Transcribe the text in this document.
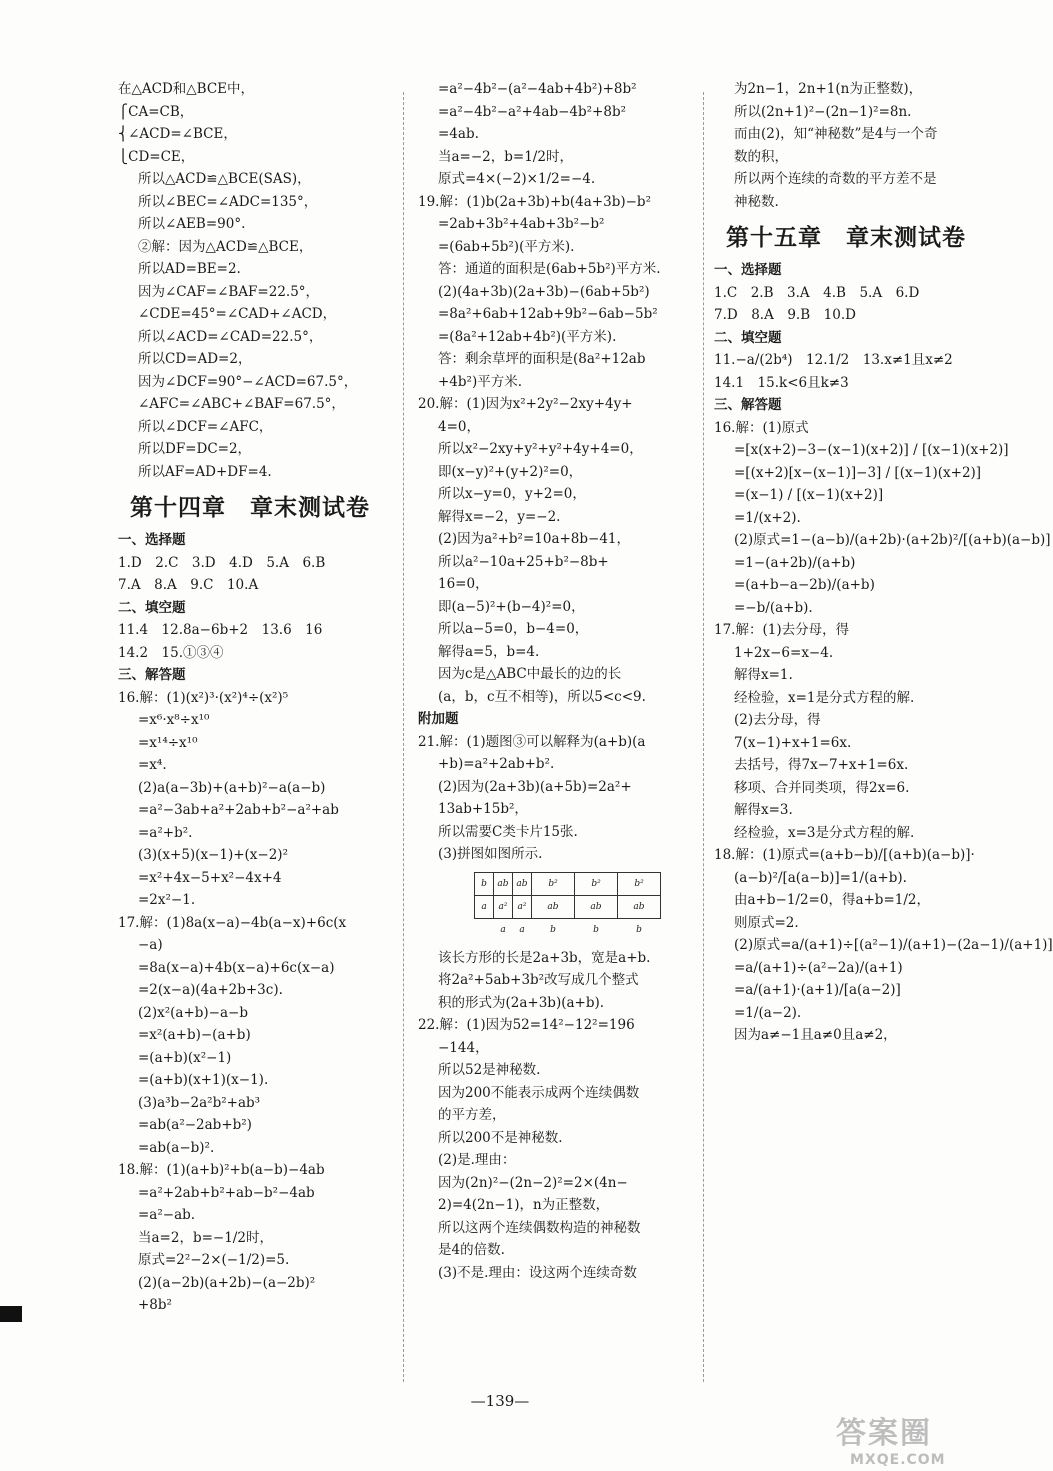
在△ACD和△BCE中，
⎧CA=CB，
⎨∠ACD=∠BCE，
⎩CD=CE，
所以△ACD≌△BCE(SAS)，
所以∠BEC=∠ADC=135°，
所以∠AEB=90°.
②解：因为△ACD≌△BCE，
所以AD=BE=2.
因为∠CAF=∠BAF=22.5°，
∠CDE=45°=∠CAD+∠ACD，
所以∠ACD=∠CAD=22.5°，
所以CD=AD=2，
因为∠DCF=90°−∠ACD=67.5°，
∠AFC=∠ABC+∠BAF=67.5°，
所以∠DCF=∠AFC，
所以DF=DC=2，
所以AF=AD+DF=4.
第十四章　章末测试卷
一、选择题
1.D　2.C　3.D　4.D　5.A　6.B
7.A　8.A　9.C　10.A
二、填空题
11.4　12.8a−6b+2　13.6　16
14.2　15.①③④
三、解答题
16.解：(1)(x²)³·(x²)⁴÷(x²)⁵
=x⁶·x⁸÷x¹⁰
=x¹⁴÷x¹⁰
=x⁴.
(2)a(a−3b)+(a+b)²−a(a−b)
=a²−3ab+a²+2ab+b²−a²+ab
=a²+b².
(3)(x+5)(x−1)+(x−2)²
=x²+4x−5+x²−4x+4
=2x²−1.
17.解：(1)8a(x−a)−4b(a−x)+6c(x
−a)
=8a(x−a)+4b(x−a)+6c(x−a)
=2(x−a)(4a+2b+3c).
(2)x²(a+b)−a−b
=x²(a+b)−(a+b)
=(a+b)(x²−1)
=(a+b)(x+1)(x−1).
(3)a³b−2a²b²+ab³
=ab(a²−2ab+b²)
=ab(a−b)².
18.解：(1)(a+b)²+b(a−b)−4ab
=a²+2ab+b²+ab−b²−4ab
=a²−ab.
当a=2，b=−1/2时，
原式=2²−2×(−1/2)=5.
(2)(a−2b)(a+2b)−(a−2b)²
+8b²
=a²−4b²−(a²−4ab+4b²)+8b²
=a²−4b²−a²+4ab−4b²+8b²
=4ab.
当a=−2，b=1/2时，
原式=4×(−2)×1/2=−4.
19.解：(1)b(2a+3b)+b(4a+3b)−b²
=2ab+3b²+4ab+3b²−b²
=(6ab+5b²)(平方米).
答：通道的面积是(6ab+5b²)平方米.
(2)(4a+3b)(2a+3b)−(6ab+5b²)
=8a²+6ab+12ab+9b²−6ab−5b²
=(8a²+12ab+4b²)(平方米).
答：剩余草坪的面积是(8a²+12ab
+4b²)平方米.
20.解：(1)因为x²+2y²−2xy+4y+
4=0，
所以x²−2xy+y²+y²+4y+4=0，
即(x−y)²+(y+2)²=0，
所以x−y=0，y+2=0，
解得x=−2，y=−2.
(2)因为a²+b²=10a+8b−41，
所以a²−10a+25+b²−8b+
16=0，
即(a−5)²+(b−4)²=0，
所以a−5=0，b−4=0，
解得a=5，b=4.
因为c是△ABC中最长的边的长
(a，b，c互不相等)，所以5<c<9.
附加题
21.解：(1)题图③可以解释为(a+b)(a
+b)=a²+2ab+b².
(2)因为(2a+3b)(a+5b)=2a²+
13ab+15b²，
所以需要C类卡片15张.
(3)拼图如图所示.
b	ab	ab	b²	b²	b²
a	a²	a²	ab	ab	ab
	a	a	b	b	b
该长方形的长是2a+3b，宽是a+b.
将2a²+5ab+3b²改写成几个整式
积的形式为(2a+3b)(a+b).
22.解：(1)因为52=14²−12²=196
−144，
所以52是神秘数.
因为200不能表示成两个连续偶数
的平方差，
所以200不是神秘数.
(2)是.理由：
因为(2n)²−(2n−2)²=2×(4n−
2)=4(2n−1)，n为正整数，
所以这两个连续偶数构造的神秘数
是4的倍数.
(3)不是.理由：设这两个连续奇数
为2n−1，2n+1(n为正整数)，
所以(2n+1)²−(2n−1)²=8n.
而由(2)，知“神秘数”是4与一个奇
数的积，
所以两个连续的奇数的平方差不是
神秘数.
第十五章　章末测试卷
一、选择题
1.C　2.B　3.A　4.B　5.A　6.D
7.D　8.A　9.B　10.D
二、填空题
11.−a/(2b⁴)　12.1/2　13.x≠1且x≠2
14.1　15.k<6且k≠3
三、解答题
16.解：(1)原式
=[x(x+2)−3−(x−1)(x+2)] / [(x−1)(x+2)]
=[(x+2)[x−(x−1)]−3] / [(x−1)(x+2)]
=(x−1) / [(x−1)(x+2)]
=1/(x+2).
(2)原式=1−(a−b)/(a+2b)·(a+2b)²/[(a+b)(a−b)]
=1−(a+2b)/(a+b)
=(a+b−a−2b)/(a+b)
=−b/(a+b).
17.解：(1)去分母，得
1+2x−6=x−4.
解得x=1.
经检验，x=1是分式方程的解.
(2)去分母，得
7(x−1)+x+1=6x.
去括号，得7x−7+x+1=6x.
移项、合并同类项，得2x=6.
解得x=3.
经检验，x=3是分式方程的解.
18.解：(1)原式=(a+b−b)/[(a+b)(a−b)]·
(a−b)²/[a(a−b)]=1/(a+b).
由a+b−1/2=0，得a+b=1/2，
则原式=2.
(2)原式=a/(a+1)÷[(a²−1)/(a+1)−(2a−1)/(a+1)]
=a/(a+1)÷(a²−2a)/(a+1)
=a/(a+1)·(a+1)/[a(a−2)]
=1/(a−2).
因为a≠−1且a≠0且a≠2，
—139—
答案圈
MXQE.COM
